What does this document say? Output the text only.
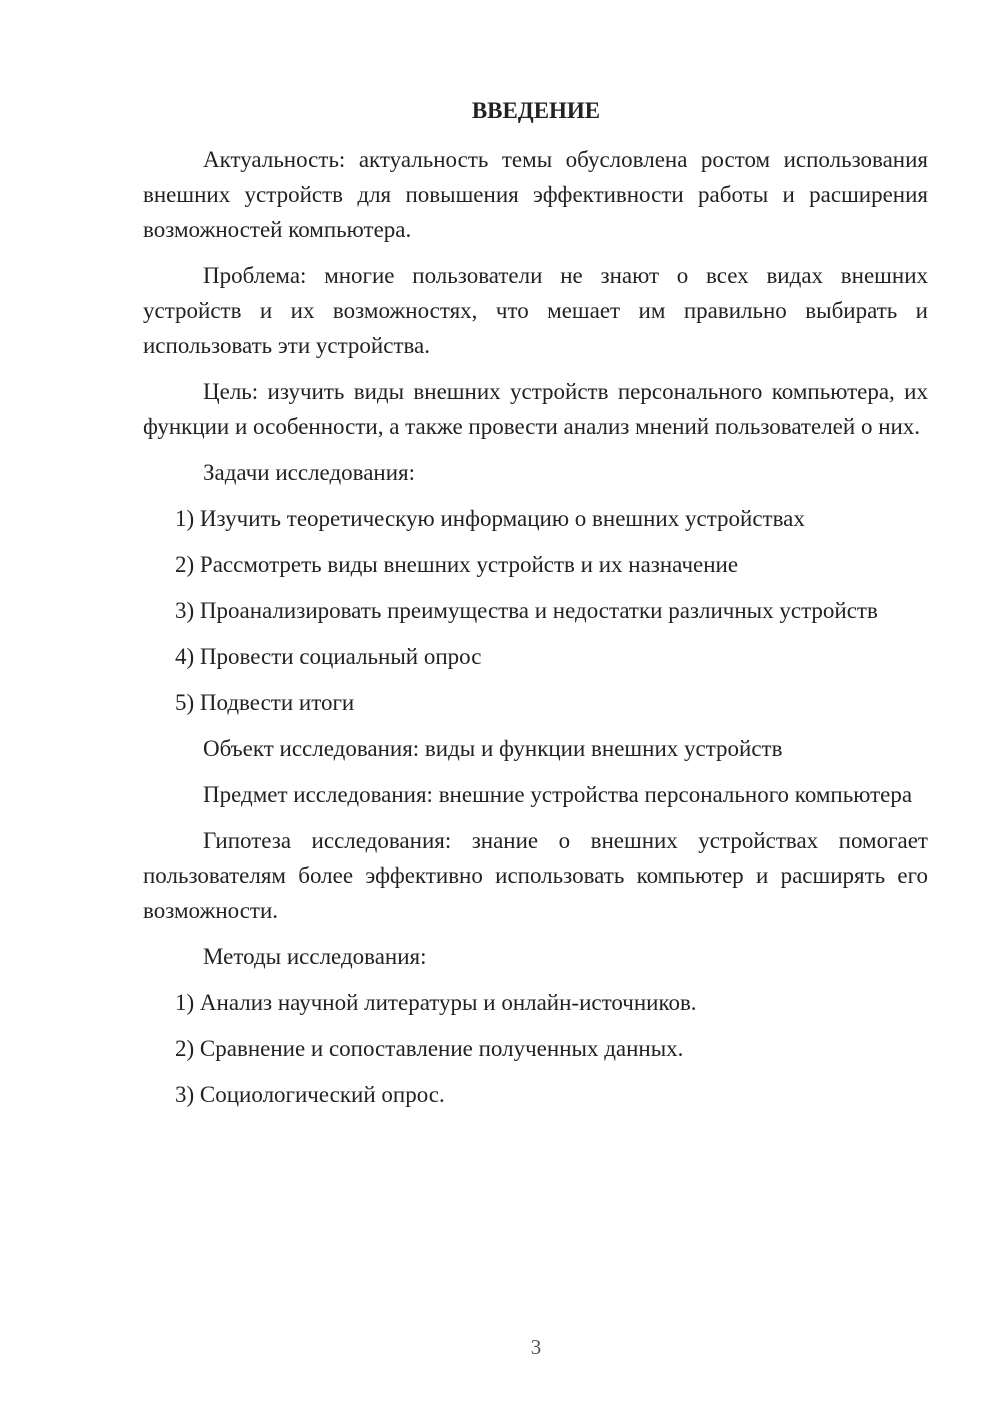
ВВЕДЕНИЕ

Актуальность: актуальность темы обусловлена ростом использования внешних устройств для повышения эффективности работы и расширения возможностей компьютера.

Проблема: многие пользователи не знают о всех видах внешних устройств и их возможностях, что мешает им правильно выбирать и использовать эти устройства.

Цель: изучить виды внешних устройств персонального компьютера, их функции и особенности, а также провести анализ мнений пользователей о них.

Задачи исследования:

1) Изучить теоретическую информацию о внешних устройствах

2) Рассмотреть виды внешних устройств и их назначение

3) Проанализировать преимущества и недостатки различных устройств

4) Провести социальный опрос

5) Подвести итоги

Объект исследования: виды и функции внешних устройств

Предмет исследования: внешние устройства персонального компьютера

Гипотеза исследования: знание о внешних устройствах помогает пользователям более эффективно использовать компьютер и расширять его возможности.

Методы исследования:

1) Анализ научной литературы и онлайн-источников.

2) Сравнение и сопоставление полученных данных.

3) Социологический опрос.

3
